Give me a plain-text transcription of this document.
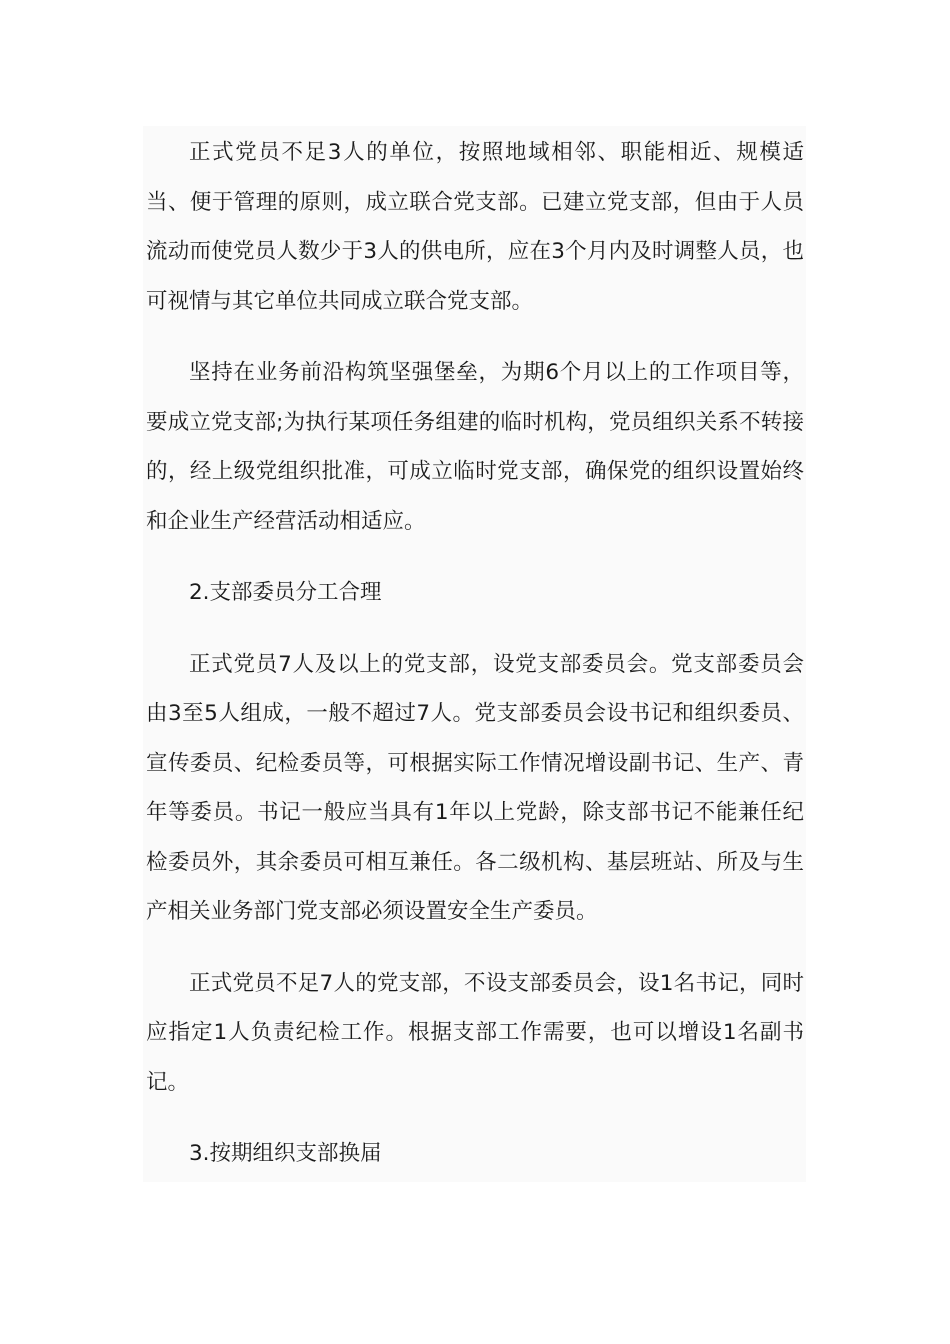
正式党员不足3人的单位，按照地域相邻、职能相近、规模适当、便于管理的原则，成立联合党支部。已建立党支部，但由于人员流动而使党员人数少于3人的供电所，应在3个月内及时调整人员，也可视情与其它单位共同成立联合党支部。

坚持在业务前沿构筑坚强堡垒，为期6个月以上的工作项目等，要成立党支部;为执行某项任务组建的临时机构，党员组织关系不转接的，经上级党组织批准，可成立临时党支部，确保党的组织设置始终和企业生产经营活动相适应。

2.支部委员分工合理

正式党员7人及以上的党支部，设党支部委员会。党支部委员会由3至5人组成，一般不超过7人。党支部委员会设书记和组织委员、宣传委员、纪检委员等，可根据实际工作情况增设副书记、生产、青年等委员。书记一般应当具有1年以上党龄，除支部书记不能兼任纪检委员外，其余委员可相互兼任。各二级机构、基层班站、所及与生产相关业务部门党支部必须设置安全生产委员。

正式党员不足7人的党支部，不设支部委员会，设1名书记，同时应指定1人负责纪检工作。根据支部工作需要，也可以增设1名副书记。

3.按期组织支部换届
